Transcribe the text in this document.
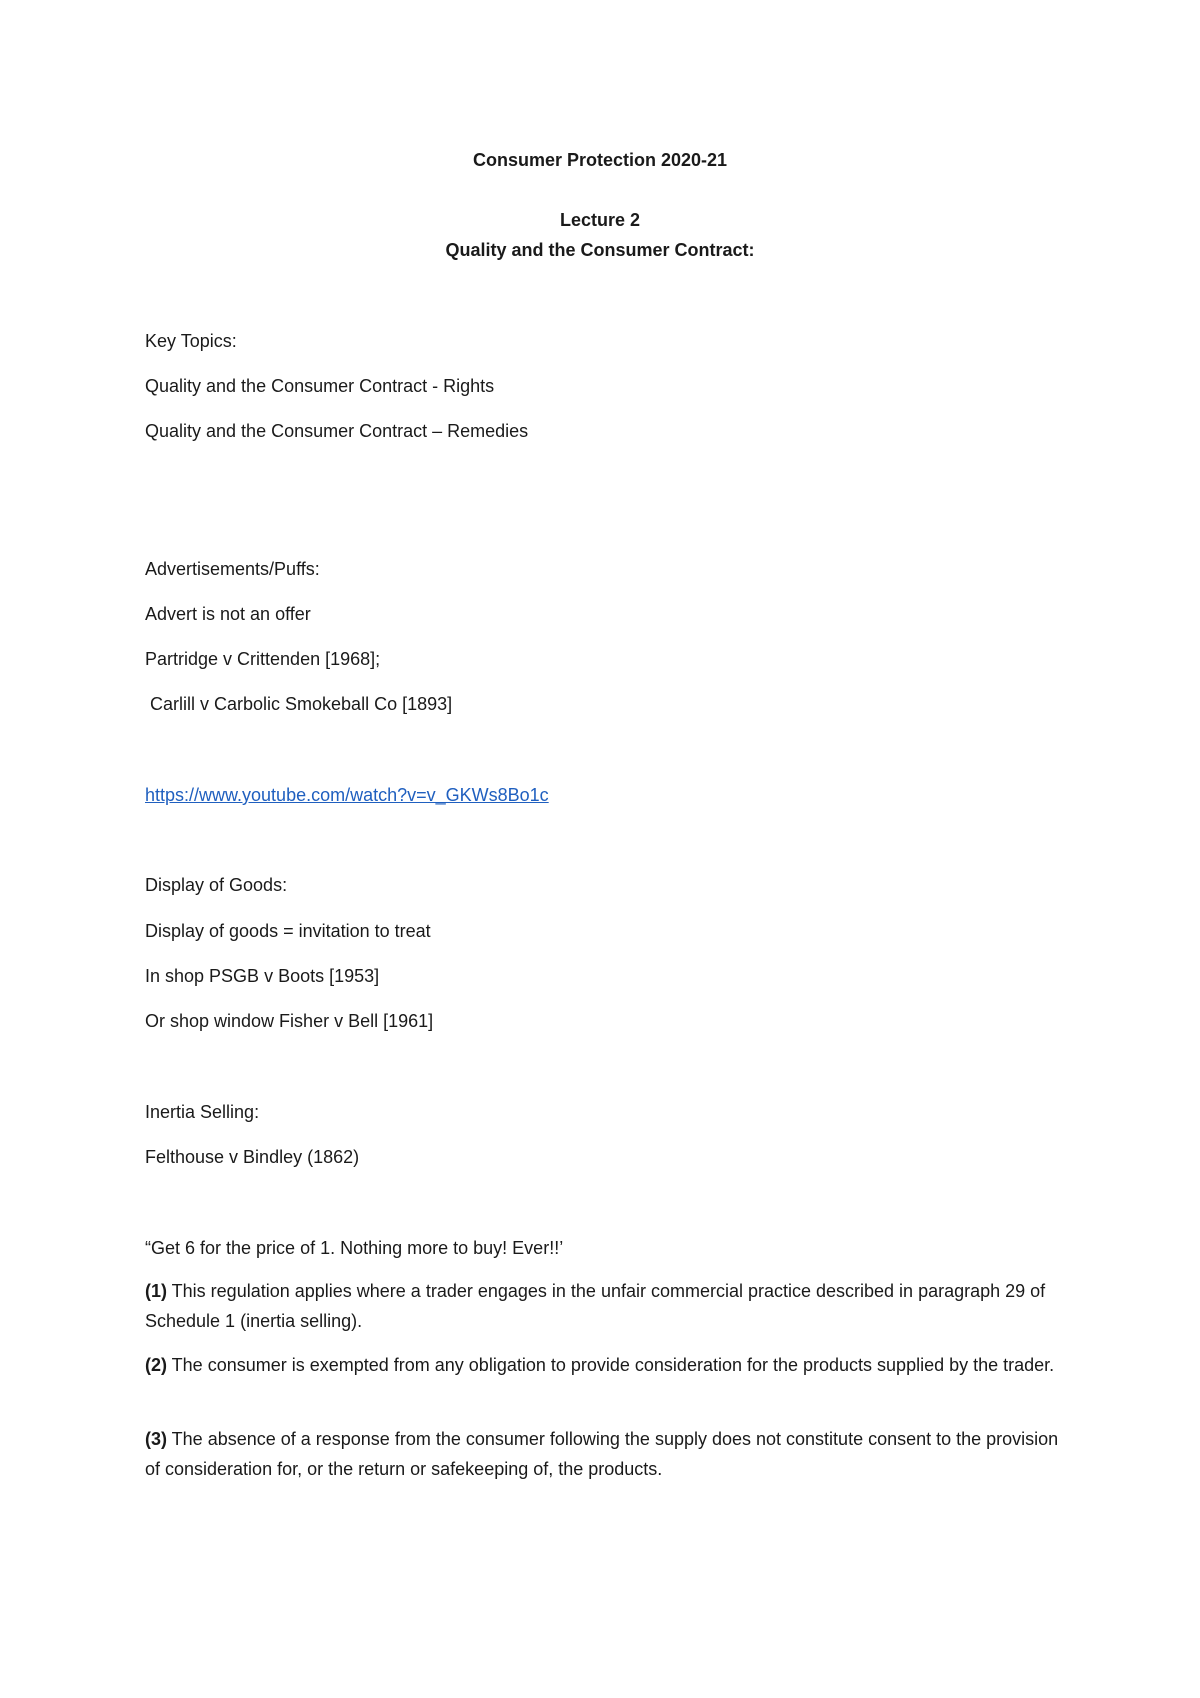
Consumer Protection 2020-21
Lecture 2
Quality and the Consumer Contract:
Key Topics:
Quality and the Consumer Contract - Rights
Quality and the Consumer Contract – Remedies
Advertisements/Puffs:
Advert is not an offer
Partridge v Crittenden [1968];
Carlill v Carbolic Smokeball Co [1893]
https://www.youtube.com/watch?v=v_GKWs8Bo1c
Display of Goods:
Display of goods = invitation to treat
In shop PSGB v Boots [1953]
Or shop window Fisher v Bell [1961]
Inertia Selling:
Felthouse v Bindley (1862)
“Get 6 for the price of 1. Nothing more to buy! Ever!!’
(1) This regulation applies where a trader engages in the unfair commercial practice described in paragraph 29 of Schedule 1 (inertia selling).
(2) The consumer is exempted from any obligation to provide consideration for the products supplied by the trader.
(3) The absence of a response from the consumer following the supply does not constitute consent to the provision of consideration for, or the return or safekeeping of, the products.
